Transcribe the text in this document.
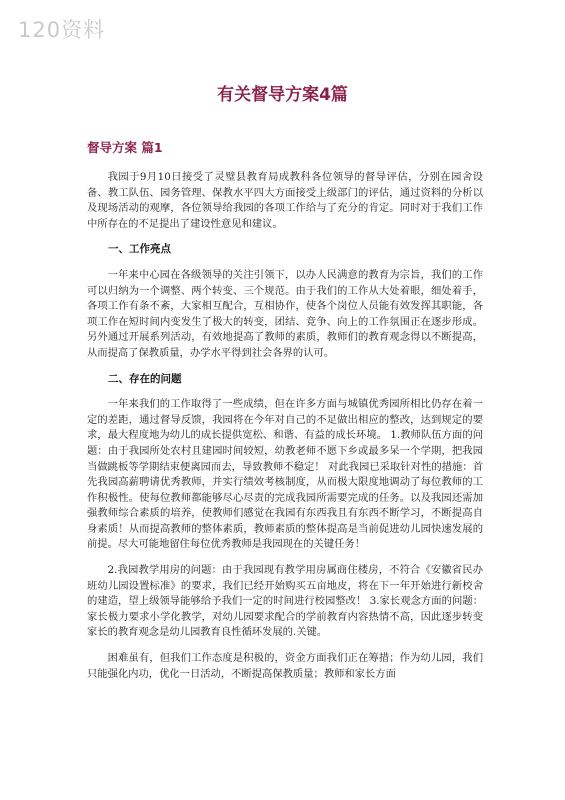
120资料
有关督导方案4篇
督导方案 篇1

我园于9月10日接受了灵璧县教育局成教科各位领导的督导评估，分别在园舍设备、教工队伍、园务管理、保教水平四大方面接受上级部门的评估，通过资料的分析以及现场活动的观摩，各位领导给我园的各项工作给与了充分的肯定。同时对于我们工作中所存在的不足提出了建设性意见和建议。

一、工作亮点

一年来中心园在各级领导的关注引领下，以办人民满意的教育为宗旨，我们的工作可以归纳为一个调整、两个转变、三个规范。由于我们的工作从大处着眼，细处着手，各项工作有条不紊，大家相互配合，互相协作，使各个岗位人员能有效发挥其职能，各项工作在短时间内变发生了极大的转变，团结、竞争、向上的工作氛围正在逐步形成。另外通过开展系列活动，有效地提高了教师的素质，教师们的教育观念得以不断提高，从而提高了保教质量，办学水平得到社会各界的认可。

二、存在的问题

一年来我们的工作取得了一些成绩，但在许多方面与城镇优秀园所相比仍存在着一定的差距，通过督导反馈，我园将在今年对自己的不足做出相应的整改，达到规定的要求，最大程度地为幼儿的成长提供宽松、和谐、有益的成长环境。 1.教师队伍方面的问题：由于我园所处农村且建园时间较短，幼教老师不愿下乡或最多呆一个学期，把我园当做跳板等学期结束便离园而去，导致教师不稳定！ 对此我园已采取针对性的措施：首先我园高薪聘请优秀教师，并实行绩效考核制度，从而极大限度地调动了每位教师的工作积极性。使每位教师都能够尽心尽责的完成我园所需要完成的任务。以及我园还需加强教师综合素质的培养，使教师们感觉在我园有东西我且有东西不断学习，不断提高自身素质！从而提高教师的整体素质，教师素质的整体提高是当前促进幼儿园快速发展的前提。尽大可能地留住每位优秀教师是我园现在的关键任务！

2.我园教学用房的问题：由于我园现有教学用房属商住楼房，不符合《安徽省民办班幼儿园设置标准》的要求，我们已经开始购买五亩地皮，将在下一年开始进行新校舍的建造，望上级领导能够给予我们一定的时间进行校园整改！ 3.家长观念方面的问题：家长极力要求小学化教学，对幼儿园要求配合的学前教育内容热情不高，因此逐步转变家长的教育观念是幼儿园教育良性循环发展的.关键。

困难虽有，但我们工作态度是积极的，资金方面我们正在筹措；作为幼儿园，我们只能强化内功，优化一日活动，不断提高保教质量；教师和家长方面
